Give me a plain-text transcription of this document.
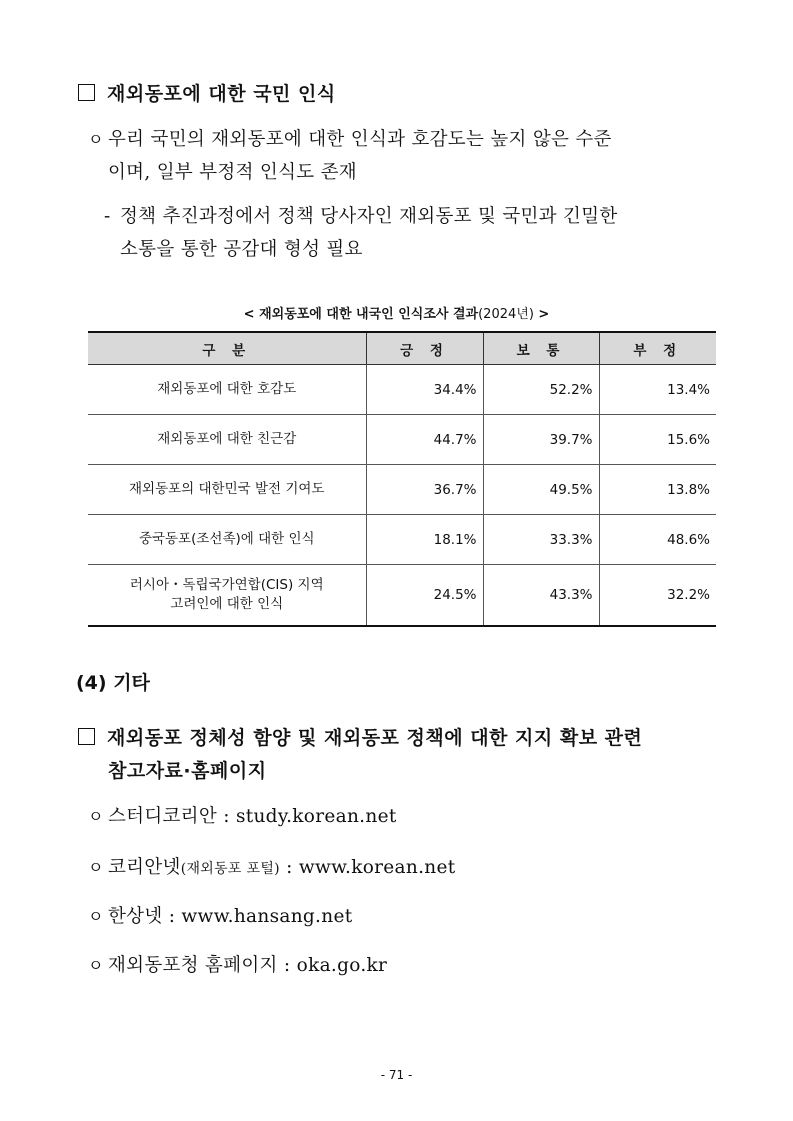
재외동포에 대한 국민 인식
ㅇ 우리 국민의 재외동포에 대한 인식과 호감도는 높지 않은 수준
이며, 일부 부정적 인식도 존재
- 정책 추진과정에서 정책 당사자인 재외동포 및 국민과 긴밀한
소통을 통한 공감대 형성 필요
< 재외동포에 대한 내국인 인식조사 결과(2024년) >
구 분	긍 정	보 통	부 정
재외동포에 대한 호감도	34.4%	52.2%	13.4%
재외동포에 대한 친근감	44.7%	39.7%	15.6%
재외동포의 대한민국 발전 기여도	36.7%	49.5%	13.8%
중국동포(조선족)에 대한 인식	18.1%	33.3%	48.6%

러시아・독립국가연합(CIS) 지역
고려인에 대한 인식	24.5%	43.3%	32.2%
(4) 기타
재외동포 정체성 함양 및 재외동포 정책에 대한 지지 확보 관련
참고자료·홈페이지
ㅇ 스터디코리안 : study.korean.net
ㅇ 코리안넷(재외동포 포털) : www.korean.net
ㅇ 한상넷 : www.hansang.net
ㅇ 재외동포청 홈페이지 : oka.go.kr
- 71 -
